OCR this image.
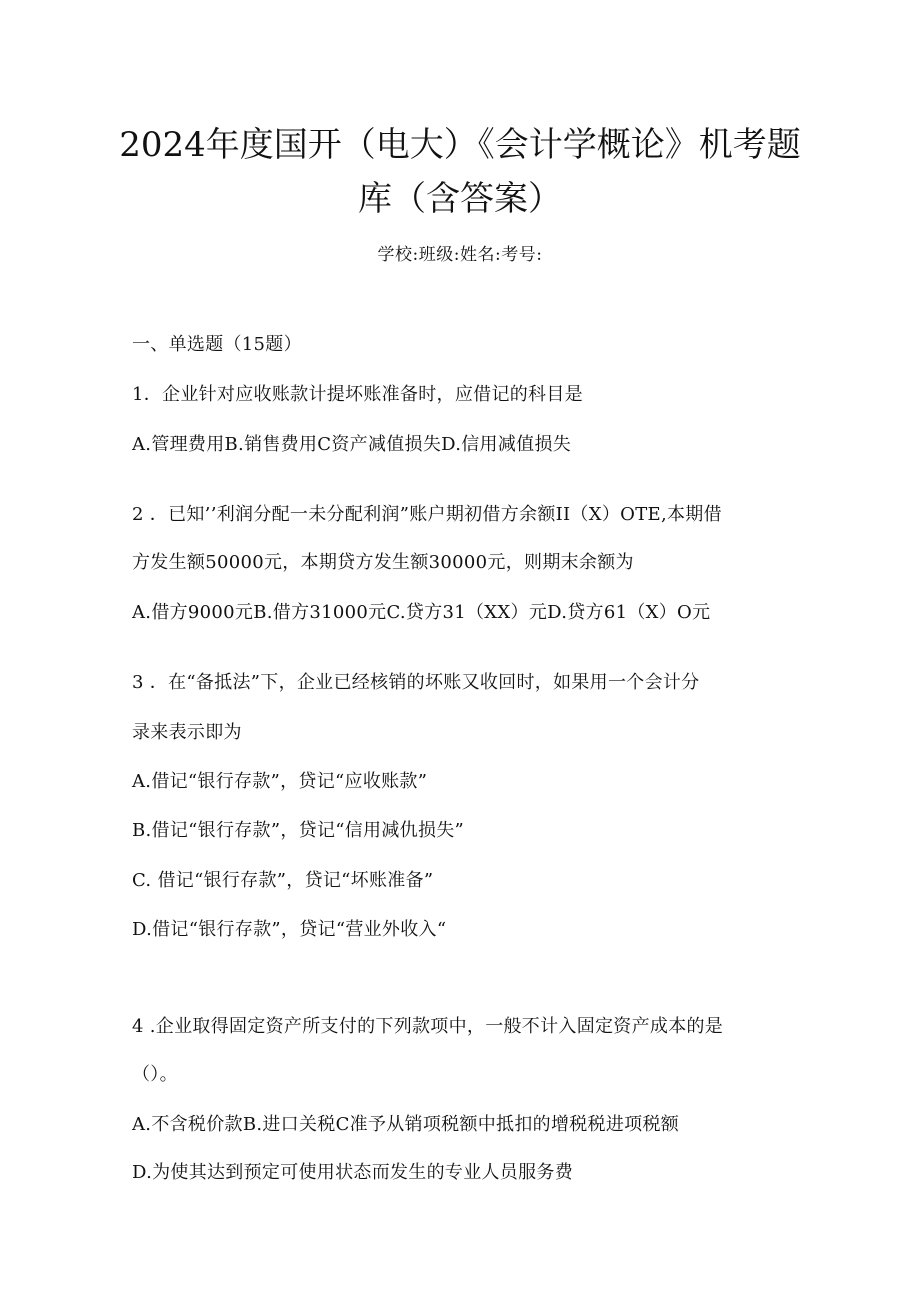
2024年度国开（电大）《会计学概论》机考题
库（含答案）
学校:班级:姓名:考号:
一、单选题（15题）
1．企业针对应收账款计提坏账准备时，应借记的科目是
A.管理费用B.销售费用C资产减值损失D.信用减值损失
2 ．已知’’利润分配一未分配利润”账户期初借方余额II（X）OTE,本期借
方发生额50000元，本期贷方发生额30000元，则期末余额为
A.借方9000元B.借方31000元C.贷方31（XX）元D.贷方61（X）O元
3 ．在“备抵法”下，企业已经核销的坏账又收回时，如果用一个会计分
录来表示即为
A.借记“银行存款”，贷记“应收账款”
B.借记“银行存款”，贷记“信用减仇损失”
C. 借记“银行存款”，贷记“坏账准备”
D.借记“银行存款”，贷记“营业外收入“
4 .企业取得固定资产所支付的下列款项中，一般不计入固定资产成本的是
（）。
A.不含税价款B.进口关税C准予从销项税额中抵扣的增税税进项税额
D.为使其达到预定可使用状态而发生的专业人员服务费
